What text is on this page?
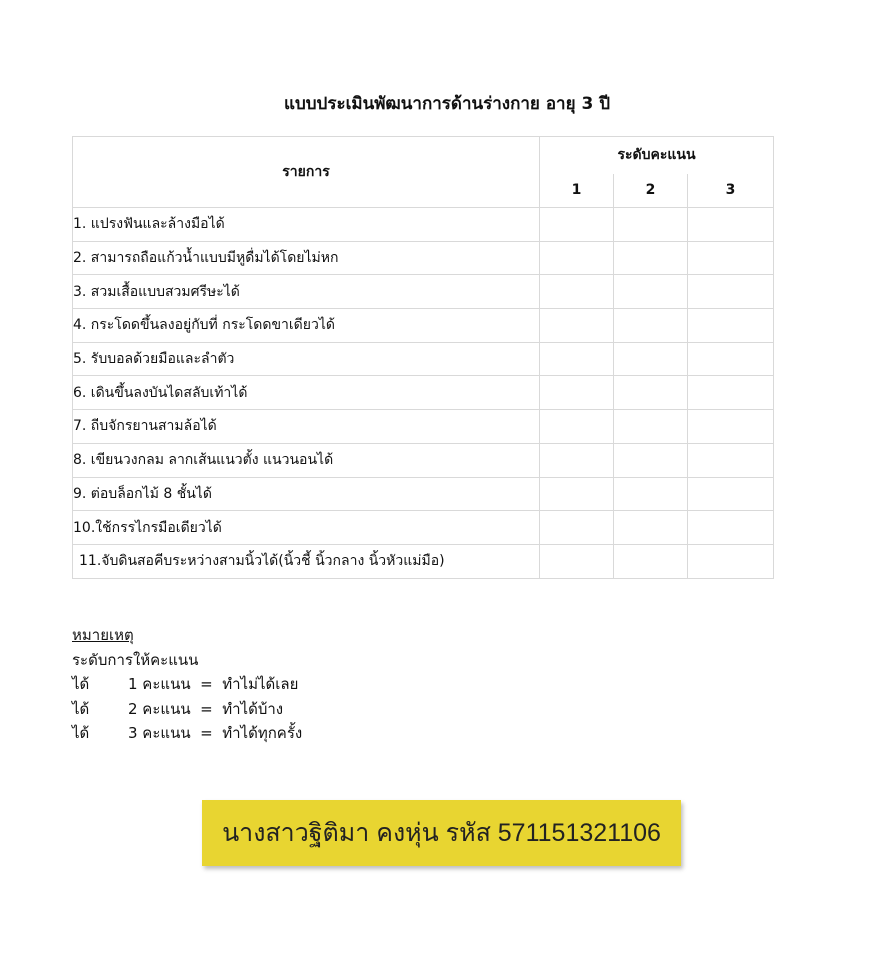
แบบประเมินพัฒนาการด้านร่างกาย อายุ 3 ปี
รายการ	ระดับคะแนน		
	1	2	3
1. แปรงฟันและล้างมือได้			
2. สามารถถือแก้วน้ำแบบมีหูดื่มได้โดยไม่หก			
3. สวมเสื้อแบบสวมศรีษะได้			
4. กระโดดขึ้นลงอยู่กับที่ กระโดดขาเดียวได้			
5. รับบอลด้วยมือและลำตัว			
6. เดินขึ้นลงบันไดสลับเท้าได้			
7. ถีบจักรยานสามล้อได้			
8. เขียนวงกลม ลากเส้นแนวตั้ง แนวนอนได้			
9. ต่อบล็อกไม้ 8 ชั้นได้			
10.ใช้กรรไกรมือเดียวได้			
11.จับดินสอคีบระหว่างสามนิ้วได้(นิ้วชี้ นิ้วกลาง นิ้วหัวแม่มือ)			
หมายเหตุ
ระดับการให้คะแนน
ได้	1 คะแนน  =  ทำไม่ได้เลย
ได้	2 คะแนน  =  ทำได้บ้าง
ได้	3 คะแนน  =  ทำได้ทุกครั้ง
นางสาวฐิติมา คงหุ่น รหัส 571151321106
